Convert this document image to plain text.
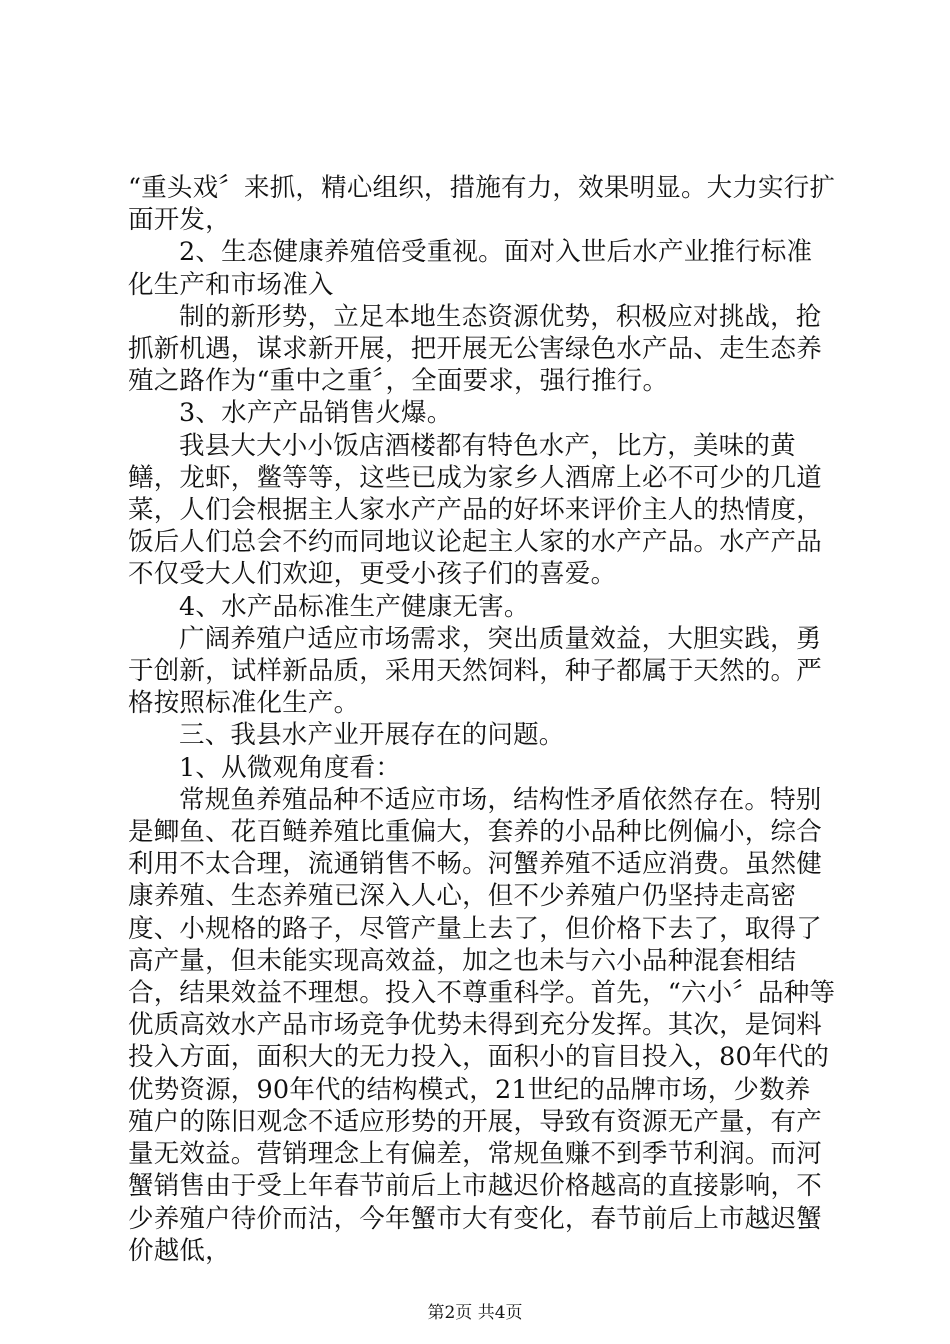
“重头戏〞来抓，精心组织，措施有力，效果明显。大力实行扩面开发，

2、生态健康养殖倍受重视。面对入世后水产业推行标准化生产和市场准入

制的新形势，立足本地生态资源优势，积极应对挑战，抢抓新机遇，谋求新开展，把开展无公害绿色水产品、走生态养殖之路作为“重中之重〞，全面要求，强行推行。

3、水产产品销售火爆。

我县大大小小饭店酒楼都有特色水产，比方，美味的黄鳝，龙虾，鳖等等，这些已成为家乡人酒席上必不可少的几道菜，人们会根据主人家水产产品的好坏来评价主人的热情度，饭后人们总会不约而同地议论起主人家的水产产品。水产产品不仅受大人们欢迎，更受小孩子们的喜爱。

4、水产品标准生产健康无害。

广阔养殖户适应市场需求，突出质量效益，大胆实践，勇于创新，试样新品质，采用天然饲料，种子都属于天然的。严格按照标准化生产。

三、我县水产业开展存在的问题。

1、从微观角度看：

常规鱼养殖品种不适应市场，结构性矛盾依然存在。特别是鲫鱼、花百鲢养殖比重偏大，套养的小品种比例偏小，综合利用不太合理，流通销售不畅。河蟹养殖不适应消费。虽然健康养殖、生态养殖已深入人心，但不少养殖户仍坚持走高密度、小规格的路子，尽管产量上去了，但价格下去了，取得了高产量，但未能实现高效益，加之也未与六小品种混套相结合，结果效益不理想。投入不尊重科学。首先，“六小〞品种等优质高效水产品市场竞争优势未得到充分发挥。其次，是饲料投入方面，面积大的无力投入，面积小的盲目投入，80年代的优势资源，90年代的结构模式，21世纪的品牌市场，少数养殖户的陈旧观念不适应形势的开展，导致有资源无产量，有产量无效益。营销理念上有偏差，常规鱼赚不到季节利润。而河蟹销售由于受上年春节前后上市越迟价格越高的直接影响，不少养殖户待价而沽，今年蟹市大有变化，春节前后上市越迟蟹价越低，

第2页 共4页
